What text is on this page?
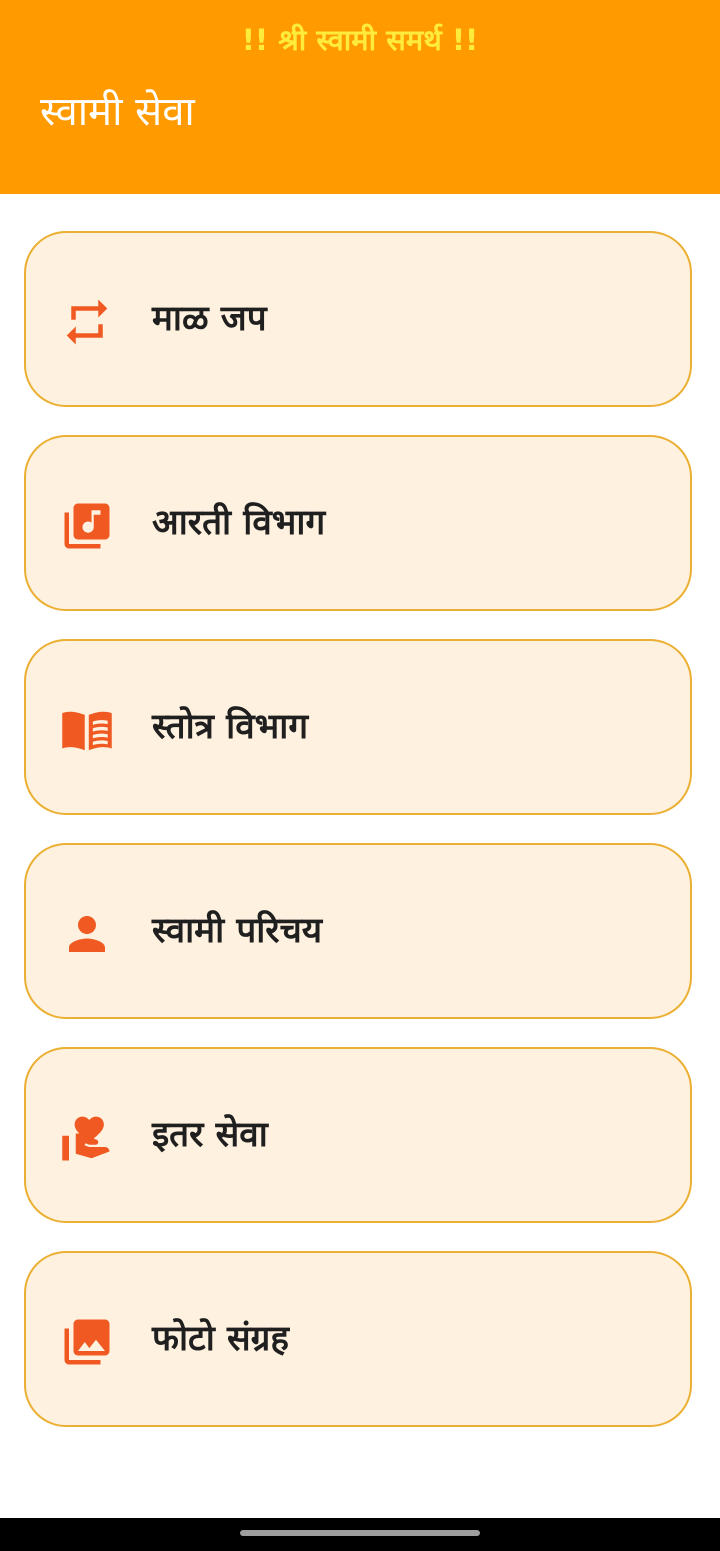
!! श्री स्वामी समर्थ !!
स्वामी सेवा
माळ जप
आरती विभाग
स्तोत्र विभाग
स्वामी परिचय
इतर सेवा
फोटो संग्रह
